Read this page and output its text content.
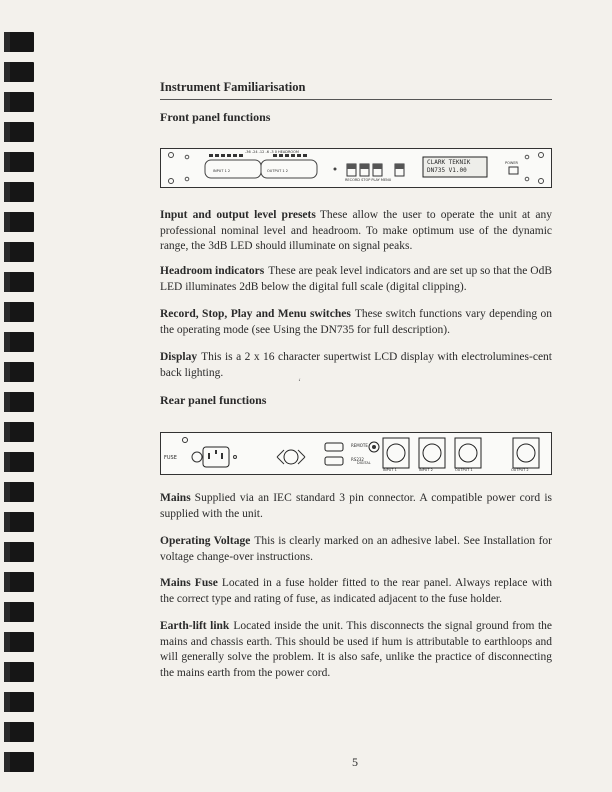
Instrument Familiarisation
Front panel functions
-36 -24 -12 -6 -3 0 HEADROOM
INPUT 1 2	OUTPUT 1 2
RECORD STOP PLAY MENU
POWER
CLARK TEKNIK
DN735 V1.00

Input and output level presets These allow the user to operate the unit at any professional nominal level and headroom. To make optimum use of the dynamic range, the 3dB LED should illuminate on signal peaks.

Headroom indicators These are peak level indicators and are set up so that the OdB LED illuminates 2dB below the digital full scale (digital clipping).

Record, Stop, Play and Menu switches These switch functions vary depending on the operating mode (see Using the DN735 for full description).

Display This is a 2 x 16 character supertwist LCD display with electrolumines-cent back lighting.

‘
Rear panel functions
FUSE
REMOTE
RS232
DIGITAL
INPUT 1	INPUT 2	OUTPUT 1	OUTPUT 2

Mains Supplied via an IEC standard 3 pin connector. A compatible power cord is supplied with the unit.

Operating Voltage This is clearly marked on an adhesive label. See Installation for voltage change-over instructions.

Mains Fuse Located in a fuse holder fitted to the rear panel. Always replace with the correct type and rating of fuse, as indicated adjacent to the fuse holder.

Earth-lift link Located inside the unit. This disconnects the signal ground from the mains and chassis earth. This should be used if hum is attributable to earthloops and will generally solve the problem. It is also safe, unlike the practice of disconnecting the mains earth from the power cord.

5
